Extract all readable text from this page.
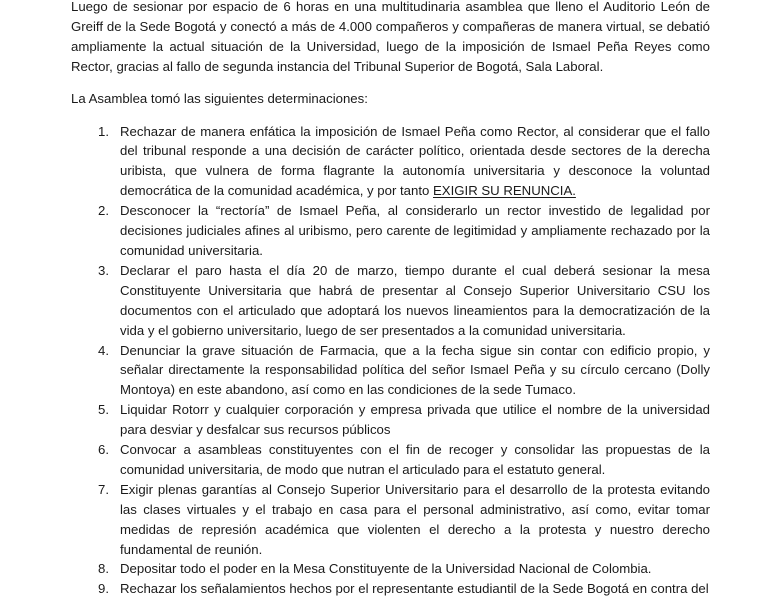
Luego de sesionar por espacio de 6 horas en una multitudinaria asamblea que lleno el Auditorio León de Greiff de la Sede Bogotá y conectó a más de 4.000 compañeros y compañeras de manera virtual, se debatió ampliamente la actual situación de la Universidad, luego de la imposición de Ismael Peña Reyes como Rector, gracias al fallo de segunda instancia del Tribunal Superior de Bogotá, Sala Laboral.

La Asamblea tomó las siguientes determinaciones:

1. Rechazar de manera enfática la imposición de Ismael Peña como Rector, al considerar que el fallo del tribunal responde a una decisión de carácter político, orientada desde sectores de la derecha uribista, que vulnera de forma flagrante la autonomía universitaria y desconoce la voluntad democrática de la comunidad académica, y por tanto EXIGIR SU RENUNCIA.
2. Desconocer la “rectoría” de Ismael Peña, al considerarlo un rector investido de legalidad por decisiones judiciales afines al uribismo, pero carente de legitimidad y ampliamente rechazado por la comunidad universitaria.
3. Declarar el paro hasta el día 20 de marzo, tiempo durante el cual deberá sesionar la mesa Constituyente Universitaria que habrá de presentar al Consejo Superior Universitario CSU los documentos con el articulado que adoptará los nuevos lineamientos para la democratización de la vida y el gobierno universitario, luego de ser presentados a la comunidad universitaria.
4. Denunciar la grave situación de Farmacia, que a la fecha sigue sin contar con edificio propio, y señalar directamente la responsabilidad política del señor Ismael Peña y su círculo cercano (Dolly Montoya) en este abandono, así como en las condiciones de la sede Tumaco.
5. Liquidar Rotorr y cualquier corporación y empresa privada que utilice el nombre de la universidad para desviar y desfalcar sus recursos públicos
6. Convocar a asambleas constituyentes con el fin de recoger y consolidar las propuestas de la comunidad universitaria, de modo que nutran el articulado para el estatuto general.
7. Exigir plenas garantías al Consejo Superior Universitario para el desarrollo de la protesta evitando las clases virtuales y el trabajo en casa para el personal administrativo, así como, evitar tomar medidas de represión académica que violenten el derecho a la protesta y nuestro derecho fundamental de reunión.
8. Depositar todo el poder en la Mesa Constituyente de la Universidad Nacional de Colombia.
9. Rechazar los señalamientos hechos por el representante estudiantil de la Sede Bogotá en contra del
